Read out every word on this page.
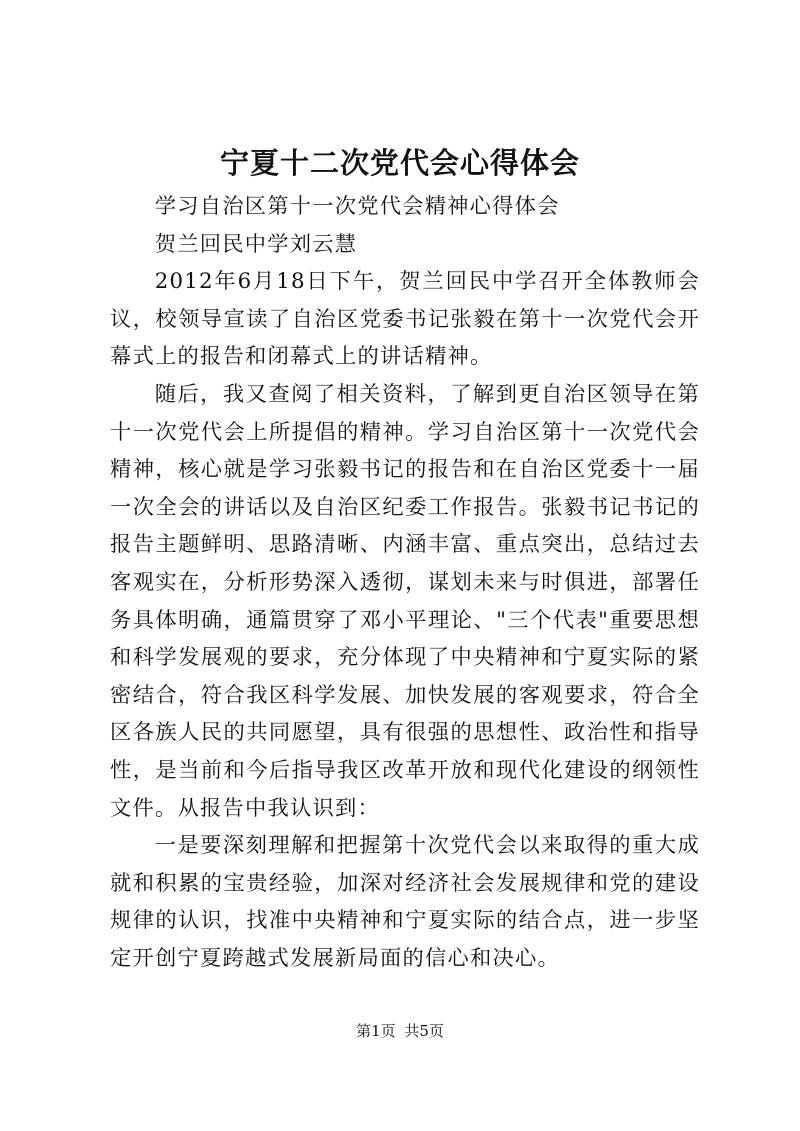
宁夏十二次党代会心得体会

学习自治区第十一次党代会精神心得体会

贺兰回民中学刘云慧

2012年6月18日下午，贺兰回民中学召开全体教师会议，校领导宣读了自治区党委书记张毅在第十一次党代会开幕式上的报告和闭幕式上的讲话精神。

随后，我又查阅了相关资料，了解到更自治区领导在第十一次党代会上所提倡的精神。学习自治区第十一次党代会精神，核心就是学习张毅书记的报告和在自治区党委十一届一次全会的讲话以及自治区纪委工作报告。张毅书记书记的报告主题鲜明、思路清晰、内涵丰富、重点突出，总结过去客观实在，分析形势深入透彻，谋划未来与时俱进，部署任务具体明确，通篇贯穿了邓小平理论、"三个代表"重要思想和科学发展观的要求，充分体现了中央精神和宁夏实际的紧密结合，符合我区科学发展、加快发展的客观要求，符合全区各族人民的共同愿望，具有很强的思想性、政治性和指导性，是当前和今后指导我区改革开放和现代化建设的纲领性文件。从报告中我认识到：

一是要深刻理解和把握第十次党代会以来取得的重大成就和积累的宝贵经验，加深对经济社会发展规律和党的建设规律的认识，找准中央精神和宁夏实际的结合点，进一步坚定开创宁夏跨越式发展新局面的信心和决心。

第1页 共5页
